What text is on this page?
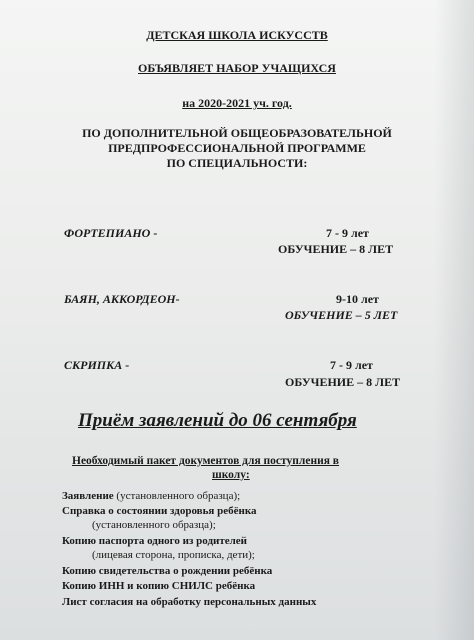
ДЕТСКАЯ ШКОЛА ИСКУССТВ
ОБЪЯВЛЯЕТ НАБОР УЧАЩИХСЯ
на 2020-2021 уч. год.
ПО ДОПОЛНИТЕЛЬНОЙ ОБЩЕОБРАЗОВАТЕЛЬНОЙ
ПРЕДПРОФЕССИОНАЛЬНОЙ ПРОГРАММЕ
ПО СПЕЦИАЛЬНОСТИ:
ФОРТЕПИАНО -	7 - 9 лет
ОБУЧЕНИЕ – 8 ЛЕТ
БАЯН, АККОРДЕОН-	9-10 лет
ОБУЧЕНИЕ – 5 ЛЕТ
СКРИПКА -	7 - 9 лет
ОБУЧЕНИЕ – 8 ЛЕТ
Приём заявлений до 06 сентября
Необходимый пакет документов для поступления в
школу:
Заявление (установленного образца);
Справка о состоянии здоровья ребёнка
(установленного образца);
Копию паспорта одного из родителей
(лицевая сторона, прописка, дети);
Копию свидетельства о рождении ребёнка
Копию ИНН и копию СНИЛС ребёнка
Лист согласия на обработку персональных данных
